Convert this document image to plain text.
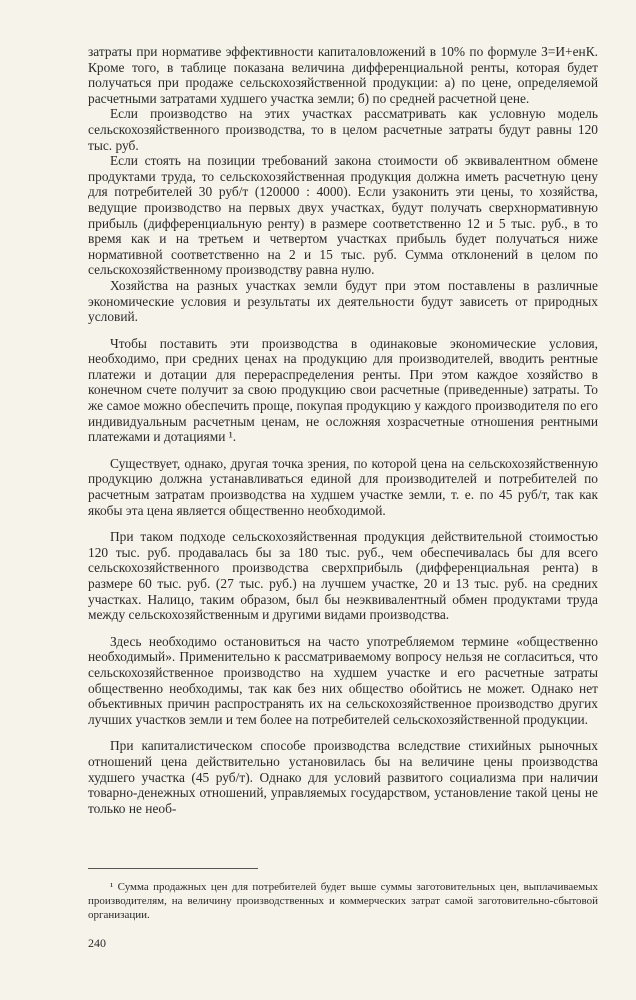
затраты при нормативе эффективности капиталовложений в 10% по формуле З=И+eнК. Кроме того, в таблице показана величина дифференциальной ренты, которая будет получаться при продаже сельскохозяйственной продукции: а) по цене, определяемой расчетными затратами худшего участка земли; б) по средней расчетной цене.

Если производство на этих участках рассматривать как условную модель сельскохозяйственного производства, то в целом расчетные затраты будут равны 120 тыс. руб.

Если стоять на позиции требований закона стоимости об эквивалентном обмене продуктами труда, то сельскохозяйственная продукция должна иметь расчетную цену для потребителей 30 руб/т (120000 : 4000). Если узаконить эти цены, то хозяйства, ведущие производство на первых двух участках, будут получать сверхнормативную прибыль (дифференциальную ренту) в размере соответственно 12 и 5 тыс. руб., в то время как и на третьем и четвертом участках прибыль будет получаться ниже нормативной соответственно на 2 и 15 тыс. руб. Сумма отклонений в целом по сельскохозяйственному производству равна нулю.

Хозяйства на разных участках земли будут при этом поставлены в различные экономические условия и результаты их деятельности будут зависеть от природных условий.

Чтобы поставить эти производства в одинаковые экономические условия, необходимо, при средних ценах на продукцию для производителей, вводить рентные платежи и дотации для перераспределения ренты. При этом каждое хозяйство в конечном счете получит за свою продукцию свои расчетные (приведенные) затраты. То же самое можно обеспечить проще, покупая продукцию у каждого производителя по его индивидуальным расчетным ценам, не осложняя хозрасчетные отношения рентными платежами и дотациями ¹.

Существует, однако, другая точка зрения, по которой цена на сельскохозяйственную продукцию должна устанавливаться единой для производителей и потребителей по расчетным затратам производства на худшем участке земли, т. е. по 45 руб/т, так как якобы эта цена является общественно необходимой.

При таком подходе сельскохозяйственная продукция действительной стоимостью 120 тыс. руб. продавалась бы за 180 тыс. руб., чем обеспечивалась бы для всего сельскохозяйственного производства сверхприбыль (дифференциальная рента) в размере 60 тыс. руб. (27 тыс. руб.) на лучшем участке, 20 и 13 тыс. руб. на средних участках. Налицо, таким образом, был бы неэквивалентный обмен продуктами труда между сельскохозяйственным и другими видами производства.

Здесь необходимо остановиться на часто употребляемом термине «общественно необходимый». Применительно к рассматриваемому вопросу нельзя не согласиться, что сельскохозяйственное производство на худшем участке и его расчетные затраты общественно необходимы, так как без них общество обойтись не может. Однако нет объективных причин распространять их на сельскохозяйственное производство других лучших участков земли и тем более на потребителей сельскохозяйственной продукции.

При капиталистическом способе производства вследствие стихийных рыночных отношений цена действительно установилась бы на величине цены производства худшего участка (45 руб/т). Однако для условий развитого социализма при наличии товарно-денежных отношений, управляемых государством, установление такой цены не только не необ-

¹ Сумма продажных цен для потребителей будет выше суммы заготовительных цен, выплачиваемых производителям, на величину производственных и коммерческих затрат самой заготовительно-сбытовой организации.

240
